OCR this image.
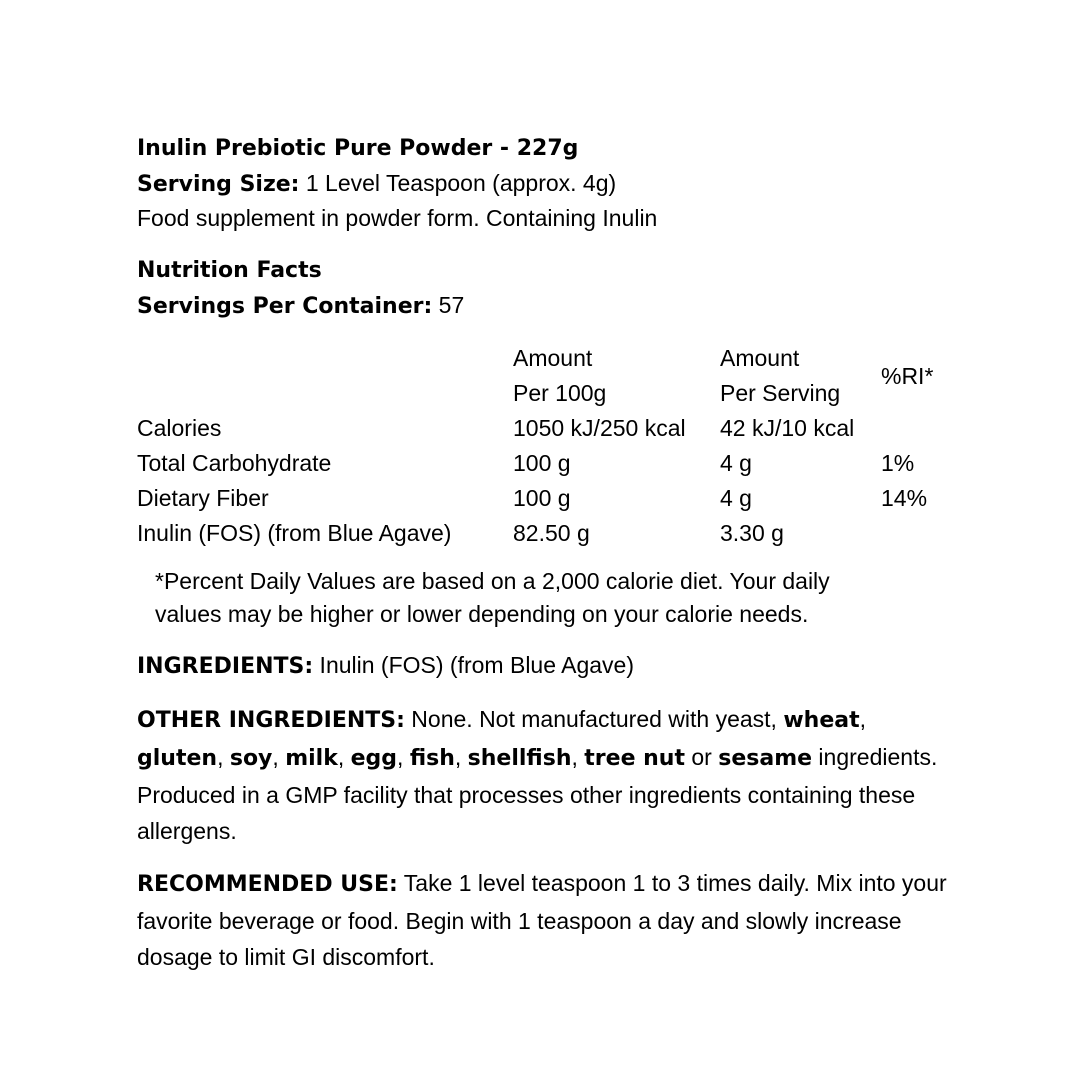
Inulin Prebiotic Pure Powder - 227g
Serving Size: 1 Level Teaspoon (approx. 4g)
Food supplement in powder form. Containing Inulin
Nutrition Facts
Servings Per Container: 57
	Amount	Amount	%RI*
	Per 100g	Per Serving	
Calories	1050 kJ/250 kcal	42 kJ/10 kcal	
Total Carbohydrate	100 g	4 g	1%
Dietary Fiber	100 g	4 g	14%
Inulin (FOS) (from Blue Agave)	82.50 g	3.30 g	
*Percent Daily Values are based on a 2,000 calorie diet. Your daily
values may be higher or lower depending on your calorie needs.
INGREDIENTS: Inulin (FOS) (from Blue Agave)
OTHER INGREDIENTS: None. Not manufactured with yeast, wheat, gluten, soy, milk, egg, fish, shellfish, tree nut or sesame ingredients. Produced in a GMP facility that processes other ingredients containing these allergens.
RECOMMENDED USE: Take 1 level teaspoon 1 to 3 times daily. Mix into your favorite beverage or food. Begin with 1 teaspoon a day and slowly increase dosage to limit GI discomfort.
